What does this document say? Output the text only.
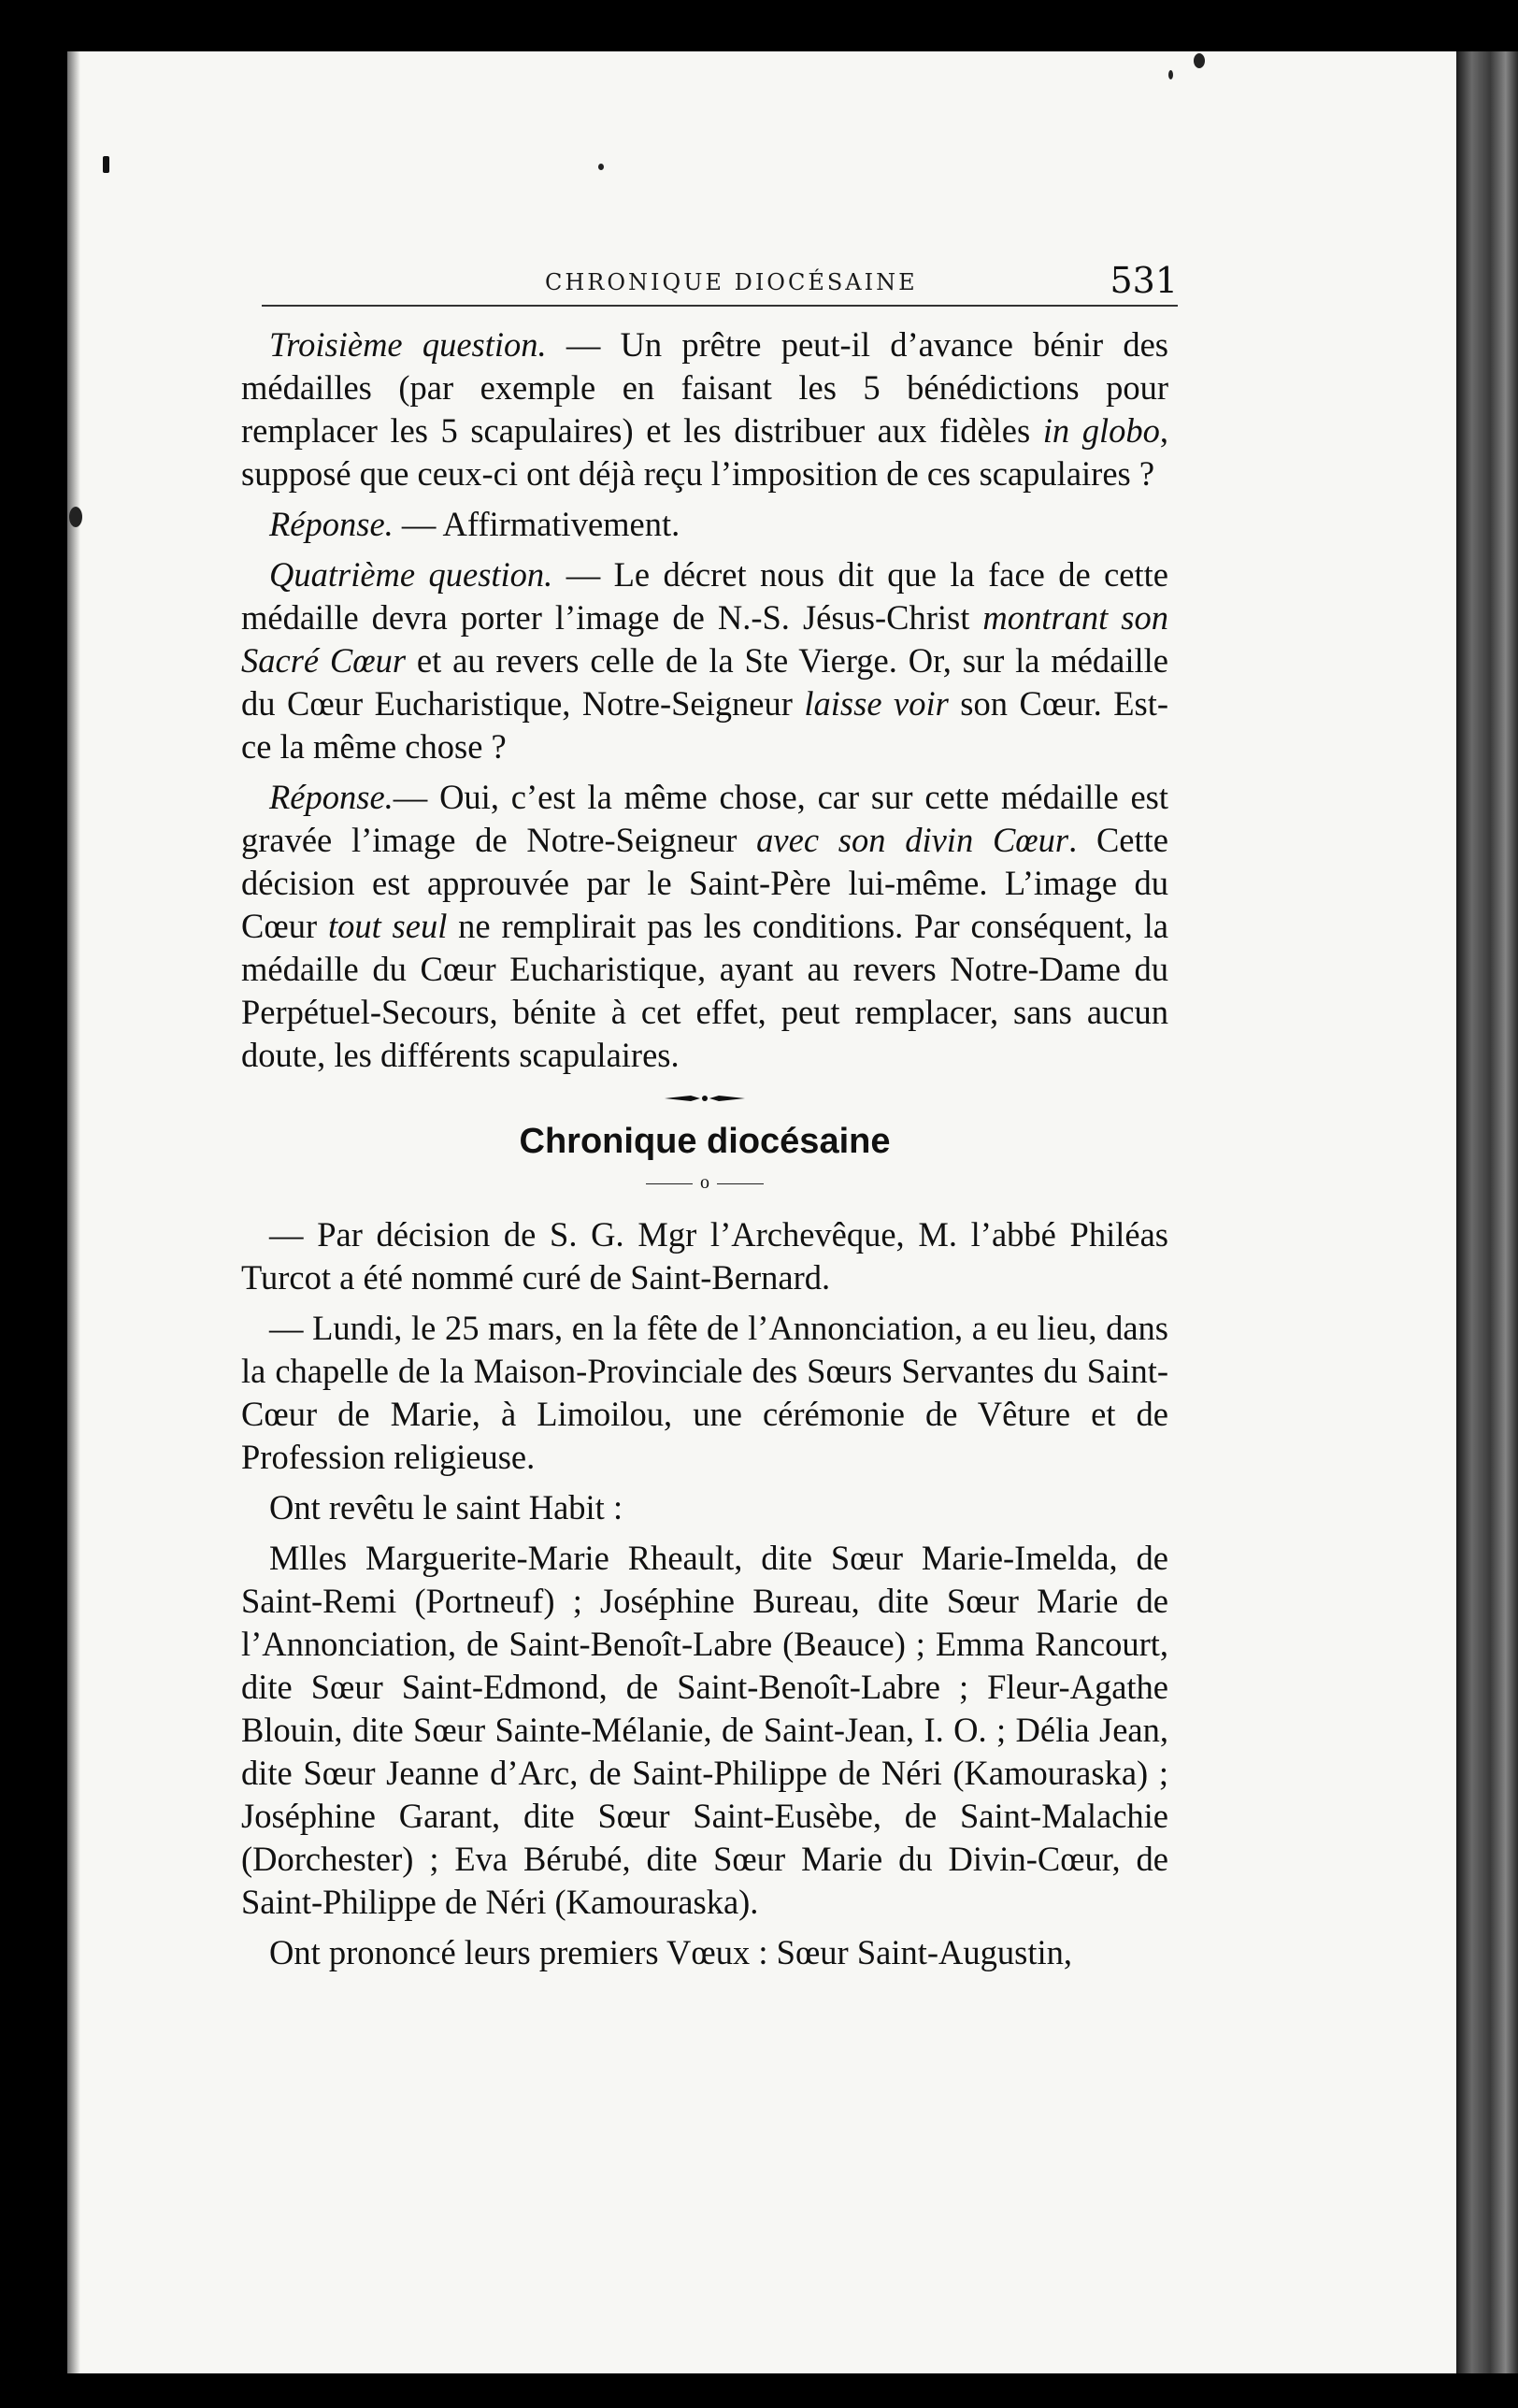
CHRONIQUE DIOCÉSAINE	531

Troisième question. — Un prêtre peut-il d’avance bénir des médailles (par exemple en faisant les 5 bénédictions pour remplacer les 5 scapulaires) et les distribuer aux fidèles in globo, supposé que ceux-ci ont déjà reçu l’imposition de ces scapulaires ?

Réponse. — Affirmativement.

Quatrième question. — Le décret nous dit que la face de cette médaille devra porter l’image de N.-S. Jésus-Christ montrant son Sacré Cœur et au revers celle de la Ste Vierge. Or, sur la médaille du Cœur Eucharistique, Notre-Seigneur laisse voir son Cœur. Est-ce la même chose ?

Réponse.— Oui, c’est la même chose, car sur cette médaille est gravée l’image de Notre-Seigneur avec son divin Cœur. Cette décision est approuvée par le Saint-Père lui-même. L’image du Cœur tout seul ne remplirait pas les conditions. Par conséquent, la médaille du Cœur Eucharistique, ayant au revers Notre-Dame du Perpétuel-Secours, bénite à cet effet, peut remplacer, sans aucun doute, les différents scapulaires.

Chronique diocésaine
o

— Par décision de S. G. Mgr l’Archevêque, M. l’abbé Philéas Turcot a été nommé curé de Saint-Bernard.

— Lundi, le 25 mars, en la fête de l’Annonciation, a eu lieu, dans la chapelle de la Maison-Provinciale des Sœurs Servantes du Saint-Cœur de Marie, à Limoilou, une cérémonie de Vêture et de Profession religieuse.

Ont revêtu le saint Habit :

Mlles Marguerite-Marie Rheault, dite Sœur Marie-Imelda, de Saint-Remi (Portneuf) ; Joséphine Bureau, dite Sœur Marie de l’Annonciation, de Saint-Benoît-Labre (Beauce) ; Emma Rancourt, dite Sœur Saint-Edmond, de Saint-Benoît-Labre ; Fleur-Agathe Blouin, dite Sœur Sainte-Mélanie, de Saint-Jean, I. O. ; Délia Jean, dite Sœur Jeanne d’Arc, de Saint-Philippe de Néri (Kamouraska) ; Joséphine Garant, dite Sœur Saint-Eusèbe, de Saint-Malachie (Dorchester) ; Eva Bérubé, dite Sœur Marie du Divin-Cœur, de Saint-Philippe de Néri (Kamouraska).

Ont prononcé leurs premiers Vœux : Sœur Saint-Augustin,
